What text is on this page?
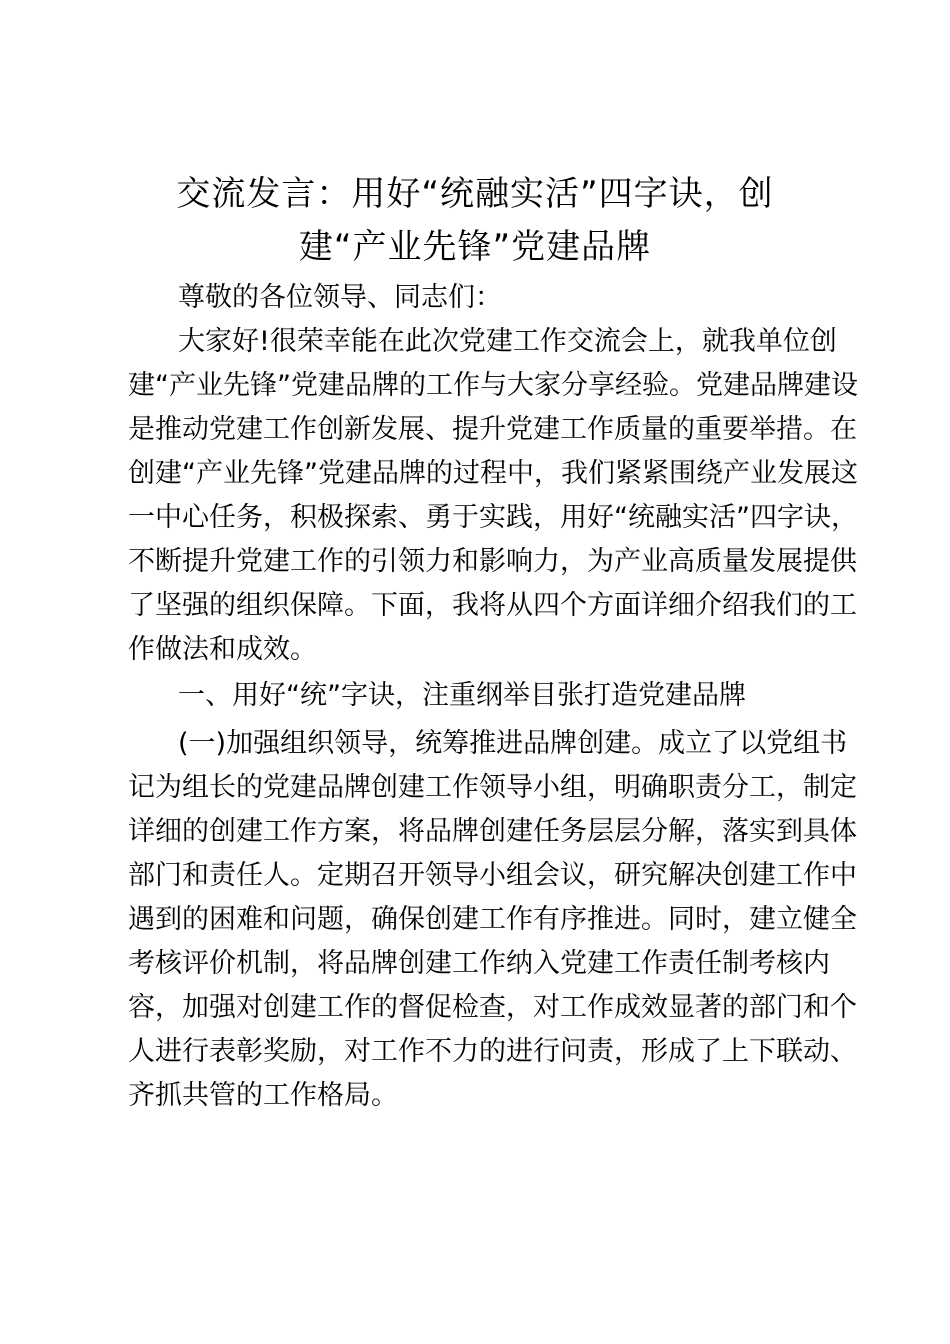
交流发言：用好“统融实活”四字诀，创
建“产业先锋”党建品牌

尊敬的各位领导、同志们：

大家好!很荣幸能在此次党建工作交流会上，就我单位创

建“产业先锋”党建品牌的工作与大家分享经验。党建品牌建设

是推动党建工作创新发展、提升党建工作质量的重要举措。在

创建“产业先锋”党建品牌的过程中，我们紧紧围绕产业发展这

一中心任务，积极探索、勇于实践，用好“统融实活”四字诀，

不断提升党建工作的引领力和影响力，为产业高质量发展提供

了坚强的组织保障。下面，我将从四个方面详细介绍我们的工

作做法和成效。

一、用好“统”字诀，注重纲举目张打造党建品牌

(一)加强组织领导，统筹推进品牌创建。成立了以党组书

记为组长的党建品牌创建工作领导小组，明确职责分工，制定

详细的创建工作方案，将品牌创建任务层层分解，落实到具体

部门和责任人。定期召开领导小组会议，研究解决创建工作中

遇到的困难和问题，确保创建工作有序推进。同时，建立健全

考核评价机制，将品牌创建工作纳入党建工作责任制考核内

容，加强对创建工作的督促检查，对工作成效显著的部门和个

人进行表彰奖励，对工作不力的进行问责，形成了上下联动、

齐抓共管的工作格局。
